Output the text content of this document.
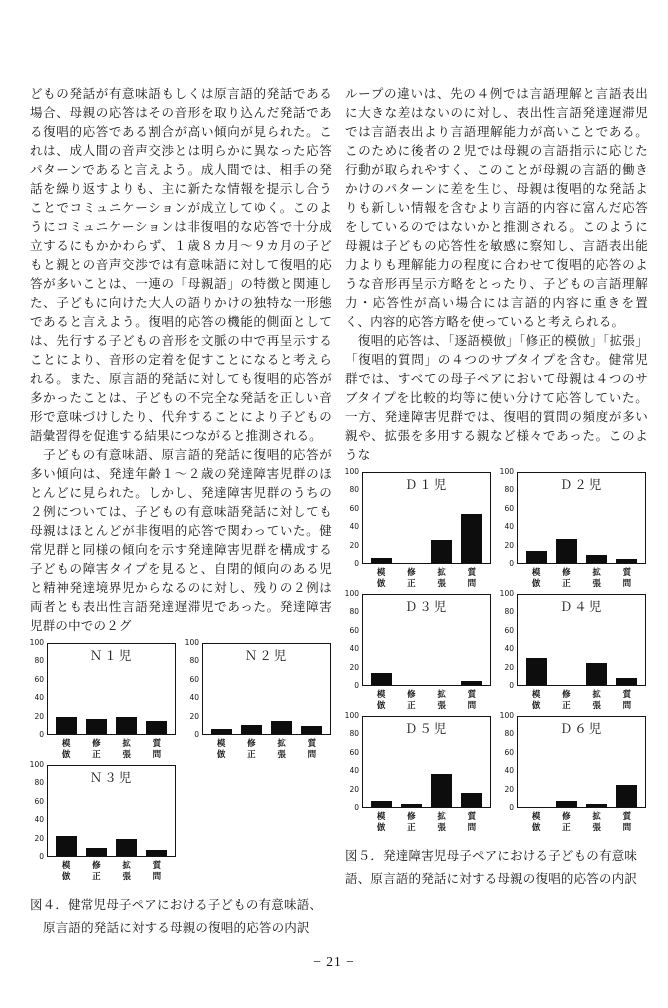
どもの発話が有意味語もしくは原言語的発話である場合、母親の応答はその音形を取り込んだ発話である復唱的応答である割合が高い傾向が見られた。これは、成人間の音声交渉とは明らかに異なった応答パターンであると言えよう。成人間では、相手の発話を繰り返すよりも、主に新たな情報を提示し合うことでコミュニケーションが成立してゆく。このようにコミュニケーションは非復唱的な応答で十分成立するにもかかわらず、１歳８カ月～９カ月の子どもと親との音声交渉では有意味語に対して復唱的応答が多いことは、一連の「母親語」の特徴と関連した、子どもに向けた大人の語りかけの独特な一形態であると言えよう。復唱的応答の機能的側面としては、先行する子どもの音形を文脈の中で再呈示することにより、音形の定着を促すことになると考えられる。また、原言語的発話に対しても復唱的応答が多かったことは、子どもの不完全な発話を正しい音形で意味づけしたり、代弁することにより子どもの語彙習得を促進する結果につながると推測される。

　子どもの有意味語、原言語的発話に復唱的応答が多い傾向は、発達年齢１～２歳の発達障害児群のほとんどに見られた。しかし、発達障害児群のうちの２例については、子どもの有意味語発話に対しても母親はほとんどが非復唱的応答で関わっていた。健常児群と同様の傾向を示す発達障害児群を構成する子どもの障害タイプを見ると、自閉的傾向のある児と精神発達境界児からなるのに対し、残りの２例は両者とも表出性言語発達遅滞児であった。発達障害児群の中での２グ

0
20
40
60
80
100
Ｎ１児
模倣
修正
拡張
質問
0
20
40
60
80
100
Ｎ２児
模倣
修正
拡張
質問
0
20
40
60
80
100
Ｎ３児
模倣
修正
拡張
質問
図４．健常児母子ペアにおける子どもの有意味語、
原言語的発話に対する母親の復唱的応答の内訳

ループの違いは、先の４例では言語理解と言語表出に大きな差はないのに対し、表出性言語発達遅滞児では言語表出より言語理解能力が高いことである。このために後者の２児では母親の言語指示に応じた行動が取られやすく、このことが母親の言語的働きかけのパターンに差を生じ、母親は復唱的な発話よりも新しい情報を含むより言語的内容に富んだ応答をしているのではないかと推測される。このように母親は子どもの応答性を敏感に察知し、言語表出能力よりも理解能力の程度に合わせて復唱的応答のような音形再呈示方略をとったり、子どもの言語理解力・応答性が高い場合には言語的内容に重きを置く、内容的応答方略を使っていると考えられる。

　復唱的応答は、「逐語模倣」「修正的模倣」「拡張」「復唱的質問」の４つのサブタイプを含む。健常児群では、すべての母子ペアにおいて母親は４つのサブタイプを比較的均等に使い分けて応答していた。一方、発達障害児群では、復唱的質問の頻度が多い親や、拡張を多用する親など様々であった。このような

0
20
40
60
80
100
Ｄ１児
模倣
修正
拡張
質問
0
20
40
60
80
100
Ｄ２児
模倣
修正
拡張
質問
0
20
40
60
80
100
Ｄ３児
模倣
修正
拡張
質問
0
20
40
60
80
100
Ｄ４児
模倣
修正
拡張
質問
0
20
40
60
80
100
Ｄ５児
模倣
修正
拡張
質問
0
20
40
60
80
100
Ｄ６児
模倣
修正
拡張
質問
図５．発達障害児母子ペアにおける子どもの有意味
語、原言語的発話に対する母親の復唱的応答の内訳
− 21 −
